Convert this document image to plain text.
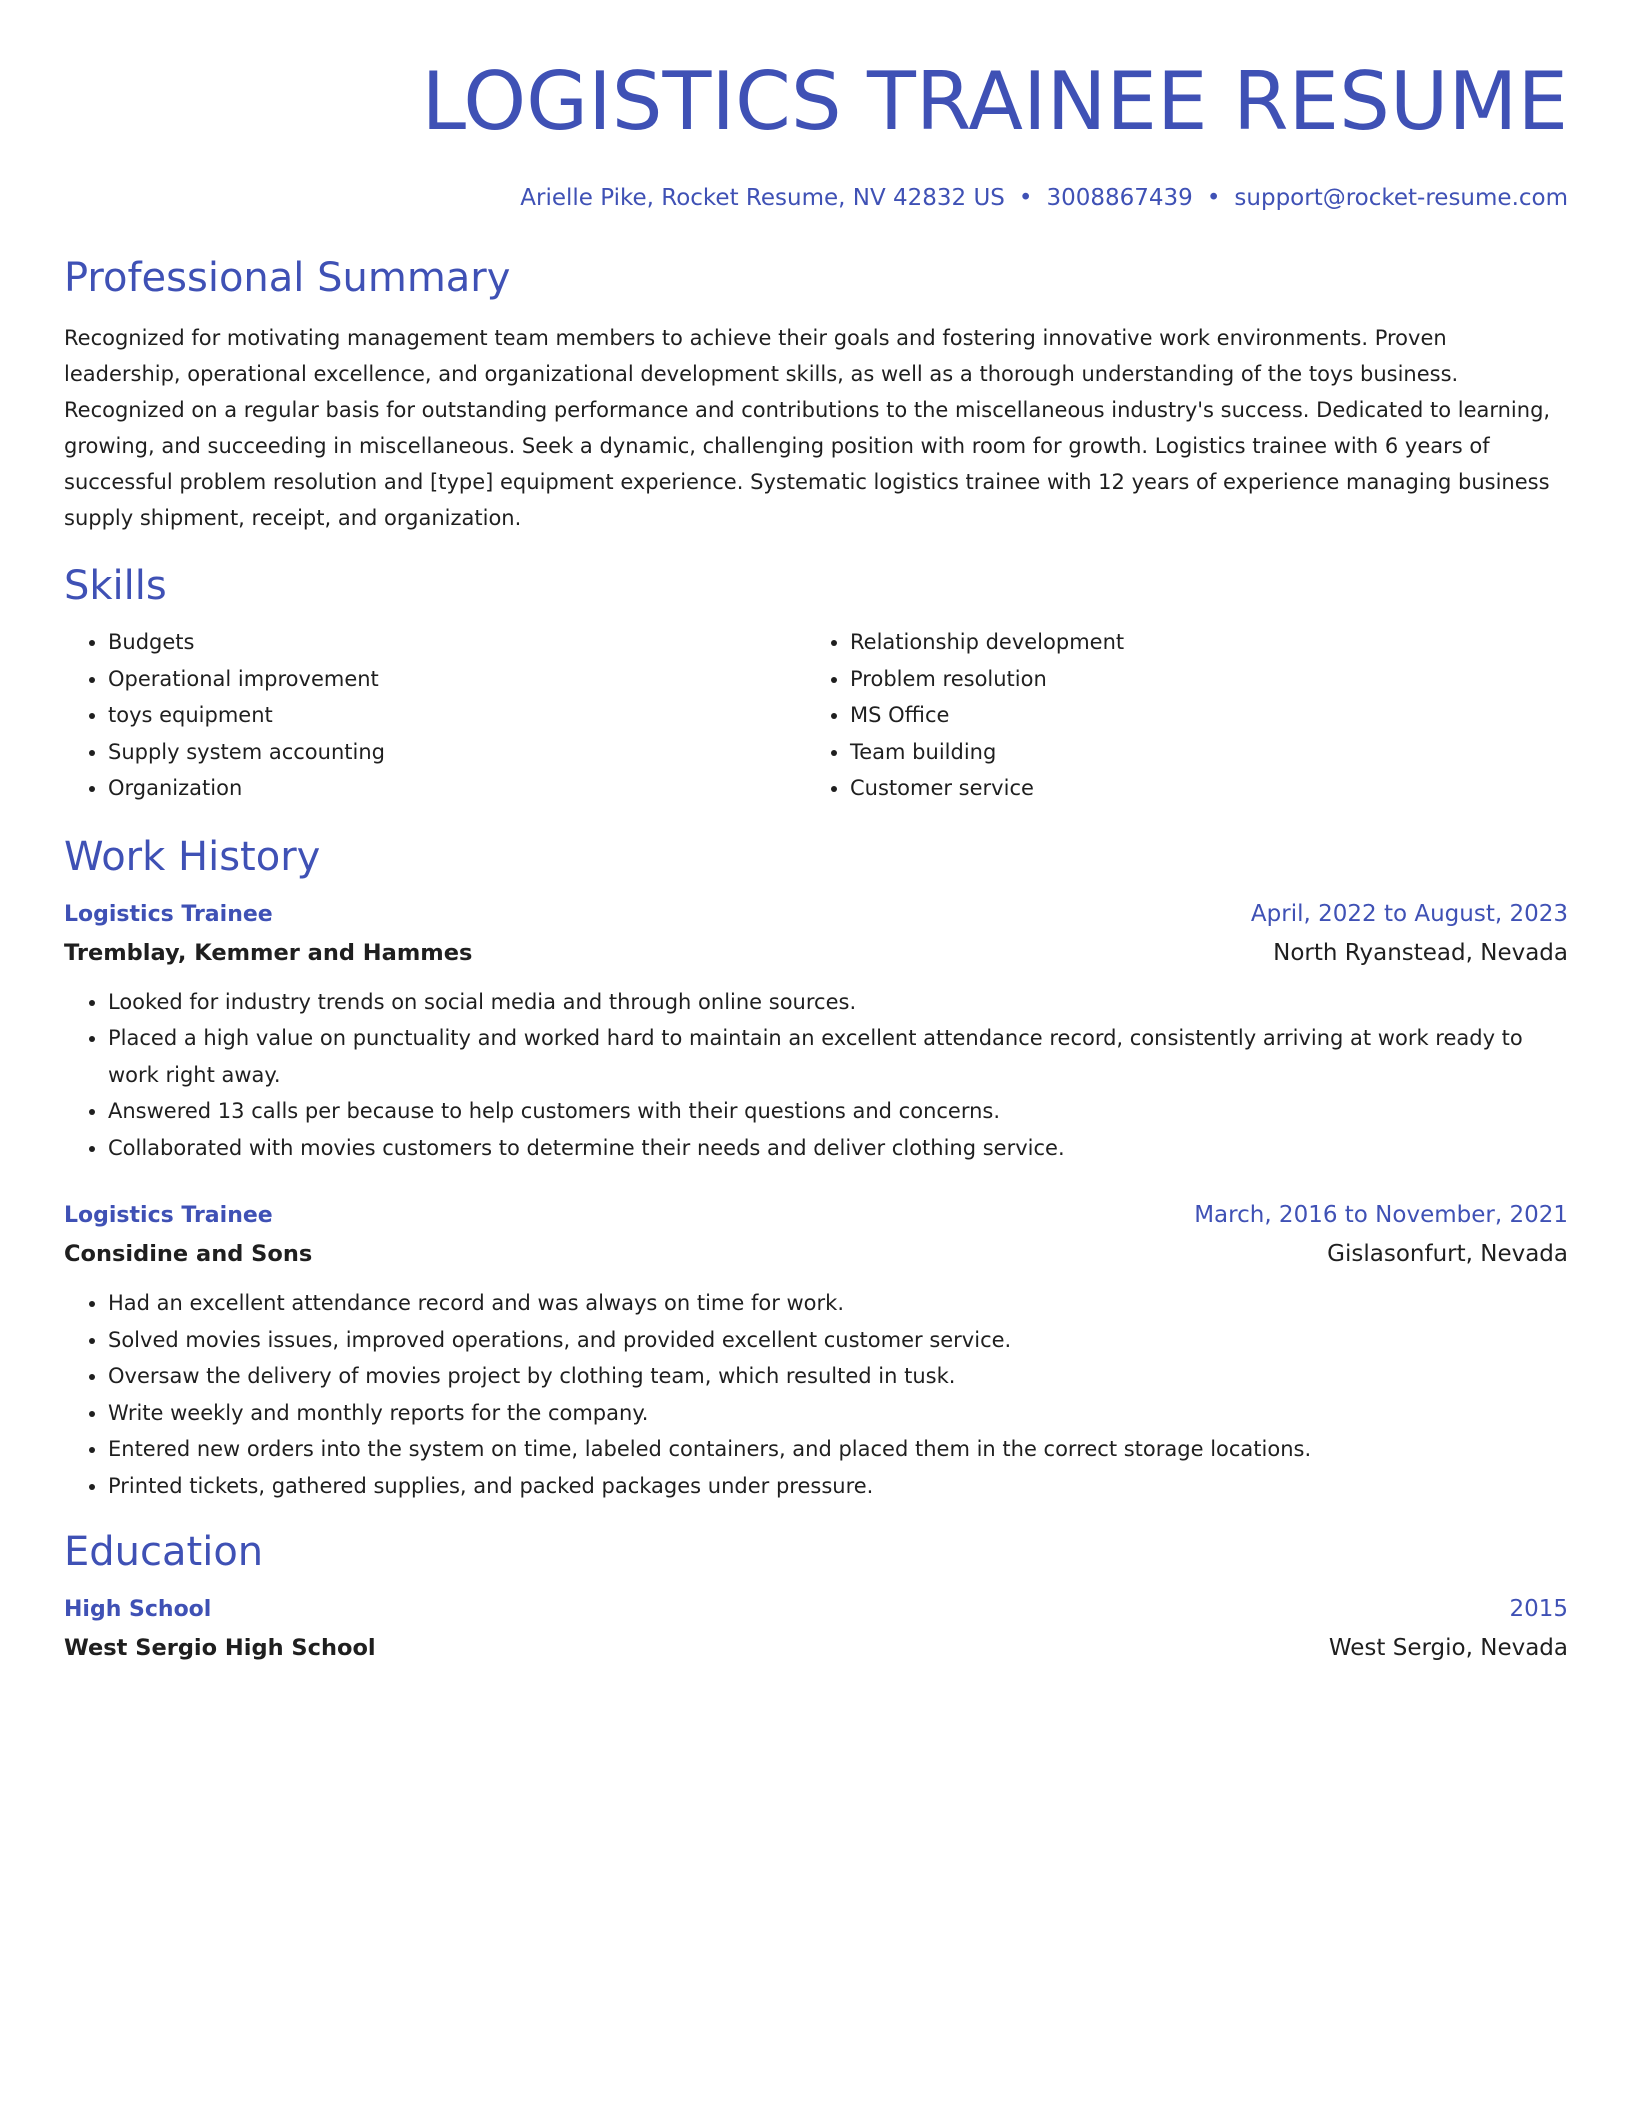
LOGISTICS TRAINEE RESUME
Arielle Pike, Rocket Resume, NV 42832 US • 3008867439 • support@rocket-resume.com
Professional Summary
Recognized for motivating management team members to achieve their goals and fostering innovative work environments. Proven leadership, operational excellence, and organizational development skills, as well as a thorough understanding of the toys business. Recognized on a regular basis for outstanding performance and contributions to the miscellaneous industry's success. Dedicated to learning, growing, and succeeding in miscellaneous. Seek a dynamic, challenging position with room for growth. Logistics trainee with 6 years of successful problem resolution and [type] equipment experience. Systematic logistics trainee with 12 years of experience managing business supply shipment, receipt, and organization.
Skills
• Budgets
• Operational improvement
• toys equipment
• Supply system accounting
• Organization
• Relationship development
• Problem resolution
• MS Office
• Team building
• Customer service
Work History
Logistics Trainee	April, 2022 to August, 2023
Tremblay, Kemmer and Hammes	North Ryanstead, Nevada
• Looked for industry trends on social media and through online sources.
• Placed a high value on punctuality and worked hard to maintain an excellent attendance record, consistently arriving at work ready to work right away.
• Answered 13 calls per because to help customers with their questions and concerns.
• Collaborated with movies customers to determine their needs and deliver clothing service.
Logistics Trainee	March, 2016 to November, 2021
Considine and Sons	Gislasonfurt, Nevada
• Had an excellent attendance record and was always on time for work.
• Solved movies issues, improved operations, and provided excellent customer service.
• Oversaw the delivery of movies project by clothing team, which resulted in tusk.
• Write weekly and monthly reports for the company.
• Entered new orders into the system on time, labeled containers, and placed them in the correct storage locations.
• Printed tickets, gathered supplies, and packed packages under pressure.
Education
High School	2015
West Sergio High School	West Sergio, Nevada
